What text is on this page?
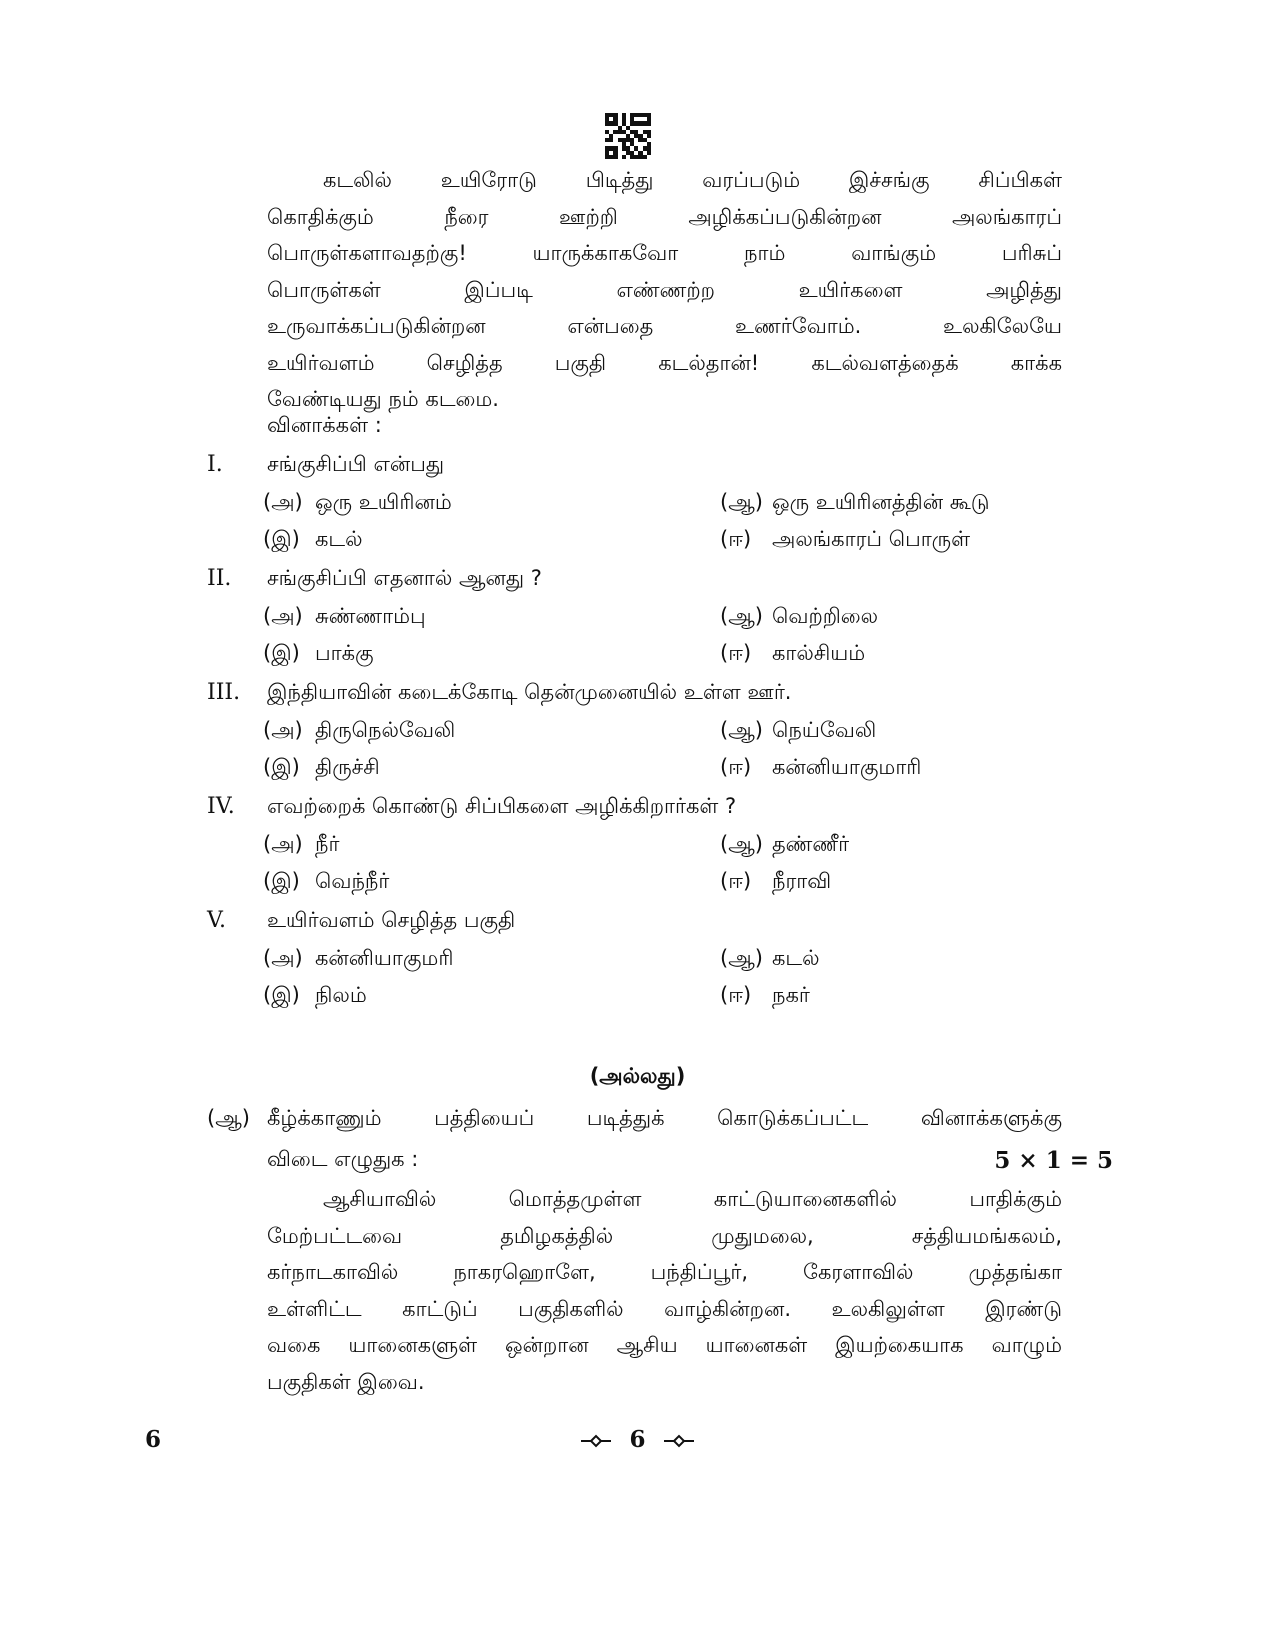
கடலில் உயிரோடு பிடித்து வரப்படும் இச்சங்கு சிப்பிகள்
கொதிக்கும் நீரை ஊற்றி அழிக்கப்படுகின்றன அலங்காரப்
பொருள்களாவதற்கு! யாருக்காகவோ நாம் வாங்கும் பரிசுப்
பொருள்கள் இப்படி எண்ணற்ற உயிர்களை அழித்து
உருவாக்கப்படுகின்றன என்பதை உணர்வோம். உலகிலேயே
உயிர்வளம் செழித்த பகுதி கடல்தான்! கடல்வளத்தைக் காக்க
வேண்டியது நம் கடமை.
வினாக்கள் :
I. சங்குசிப்பி என்பது
(அ) ஒரு உயிரினம்	(ஆ) ஒரு உயிரினத்தின் கூடு
(இ) கடல்	(ஈ) அலங்காரப் பொருள்
II. சங்குசிப்பி எதனால் ஆனது ?
(அ) சுண்ணாம்பு	(ஆ) வெற்றிலை
(இ) பாக்கு	(ஈ) கால்சியம்
III. இந்தியாவின் கடைக்கோடி தென்முனையில் உள்ள ஊர்.
(அ) திருநெல்வேலி	(ஆ) நெய்வேலி
(இ) திருச்சி	(ஈ) கன்னியாகுமாரி
IV. எவற்றைக் கொண்டு சிப்பிகளை அழிக்கிறார்கள் ?
(அ) நீர்	(ஆ) தண்ணீர்
(இ) வெந்நீர்	(ஈ) நீராவி
V. உயிர்வளம் செழித்த பகுதி
(அ) கன்னியாகுமரி	(ஆ) கடல்
(இ) நிலம்	(ஈ) நகர்
(அல்லது)
(ஆ) கீழ்க்காணும் பத்தியைப் படித்துக் கொடுக்கப்பட்ட வினாக்களுக்கு
விடை எழுதுக :	5 × 1 = 5
ஆசியாவில் மொத்தமுள்ள காட்டுயானைகளில் பாதிக்கும்
மேற்பட்டவை தமிழகத்தில் முதுமலை, சத்தியமங்கலம்,
கர்நாடகாவில் நாகரஹொளே, பந்திப்பூர், கேரளாவில் முத்தங்கா
உள்ளிட்ட காட்டுப் பகுதிகளில் வாழ்கின்றன. உலகிலுள்ள இரண்டு
வகை யானைகளுள் ஒன்றான ஆசிய யானைகள் இயற்கையாக வாழும்
பகுதிகள் இவை.
6	6
